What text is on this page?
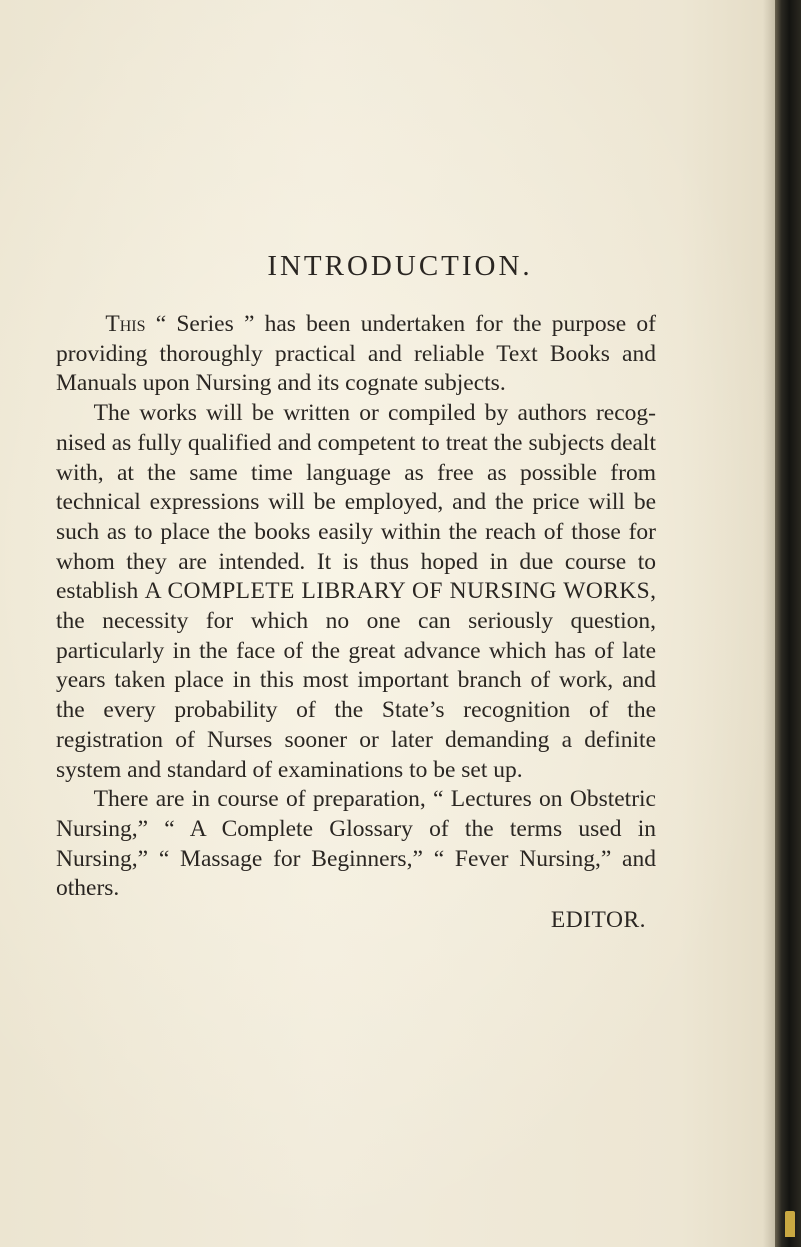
INTRODUCTION.

This “ Series ” has been undertaken for the purpose of providing thoroughly practical and reliable Text Books and Manuals upon Nursing and its cognate subjects.

The works will be written or compiled by authors recognised as fully qualified and competent to treat the subjects dealt with, at the same time language as free as possible from technical expressions will be employed, and the price will be such as to place the books easily within the reach of those for whom they are intended. It is thus hoped in due course to establish A COMPLETE LIBRARY OF NURSING WORKS, the necessity for which no one can seriously question, particularly in the face of the great advance which has of late years taken place in this most important branch of work, and the every probability of the State’s recognition of the registration of Nurses sooner or later demanding a definite system and standard of examinations to be set up.

There are in course of preparation, “ Lectures on Obstetric Nursing,” “ A Complete Glossary of the terms used in Nursing,” “ Massage for Beginners,” “ Fever Nursing,” and others.

EDITOR.
